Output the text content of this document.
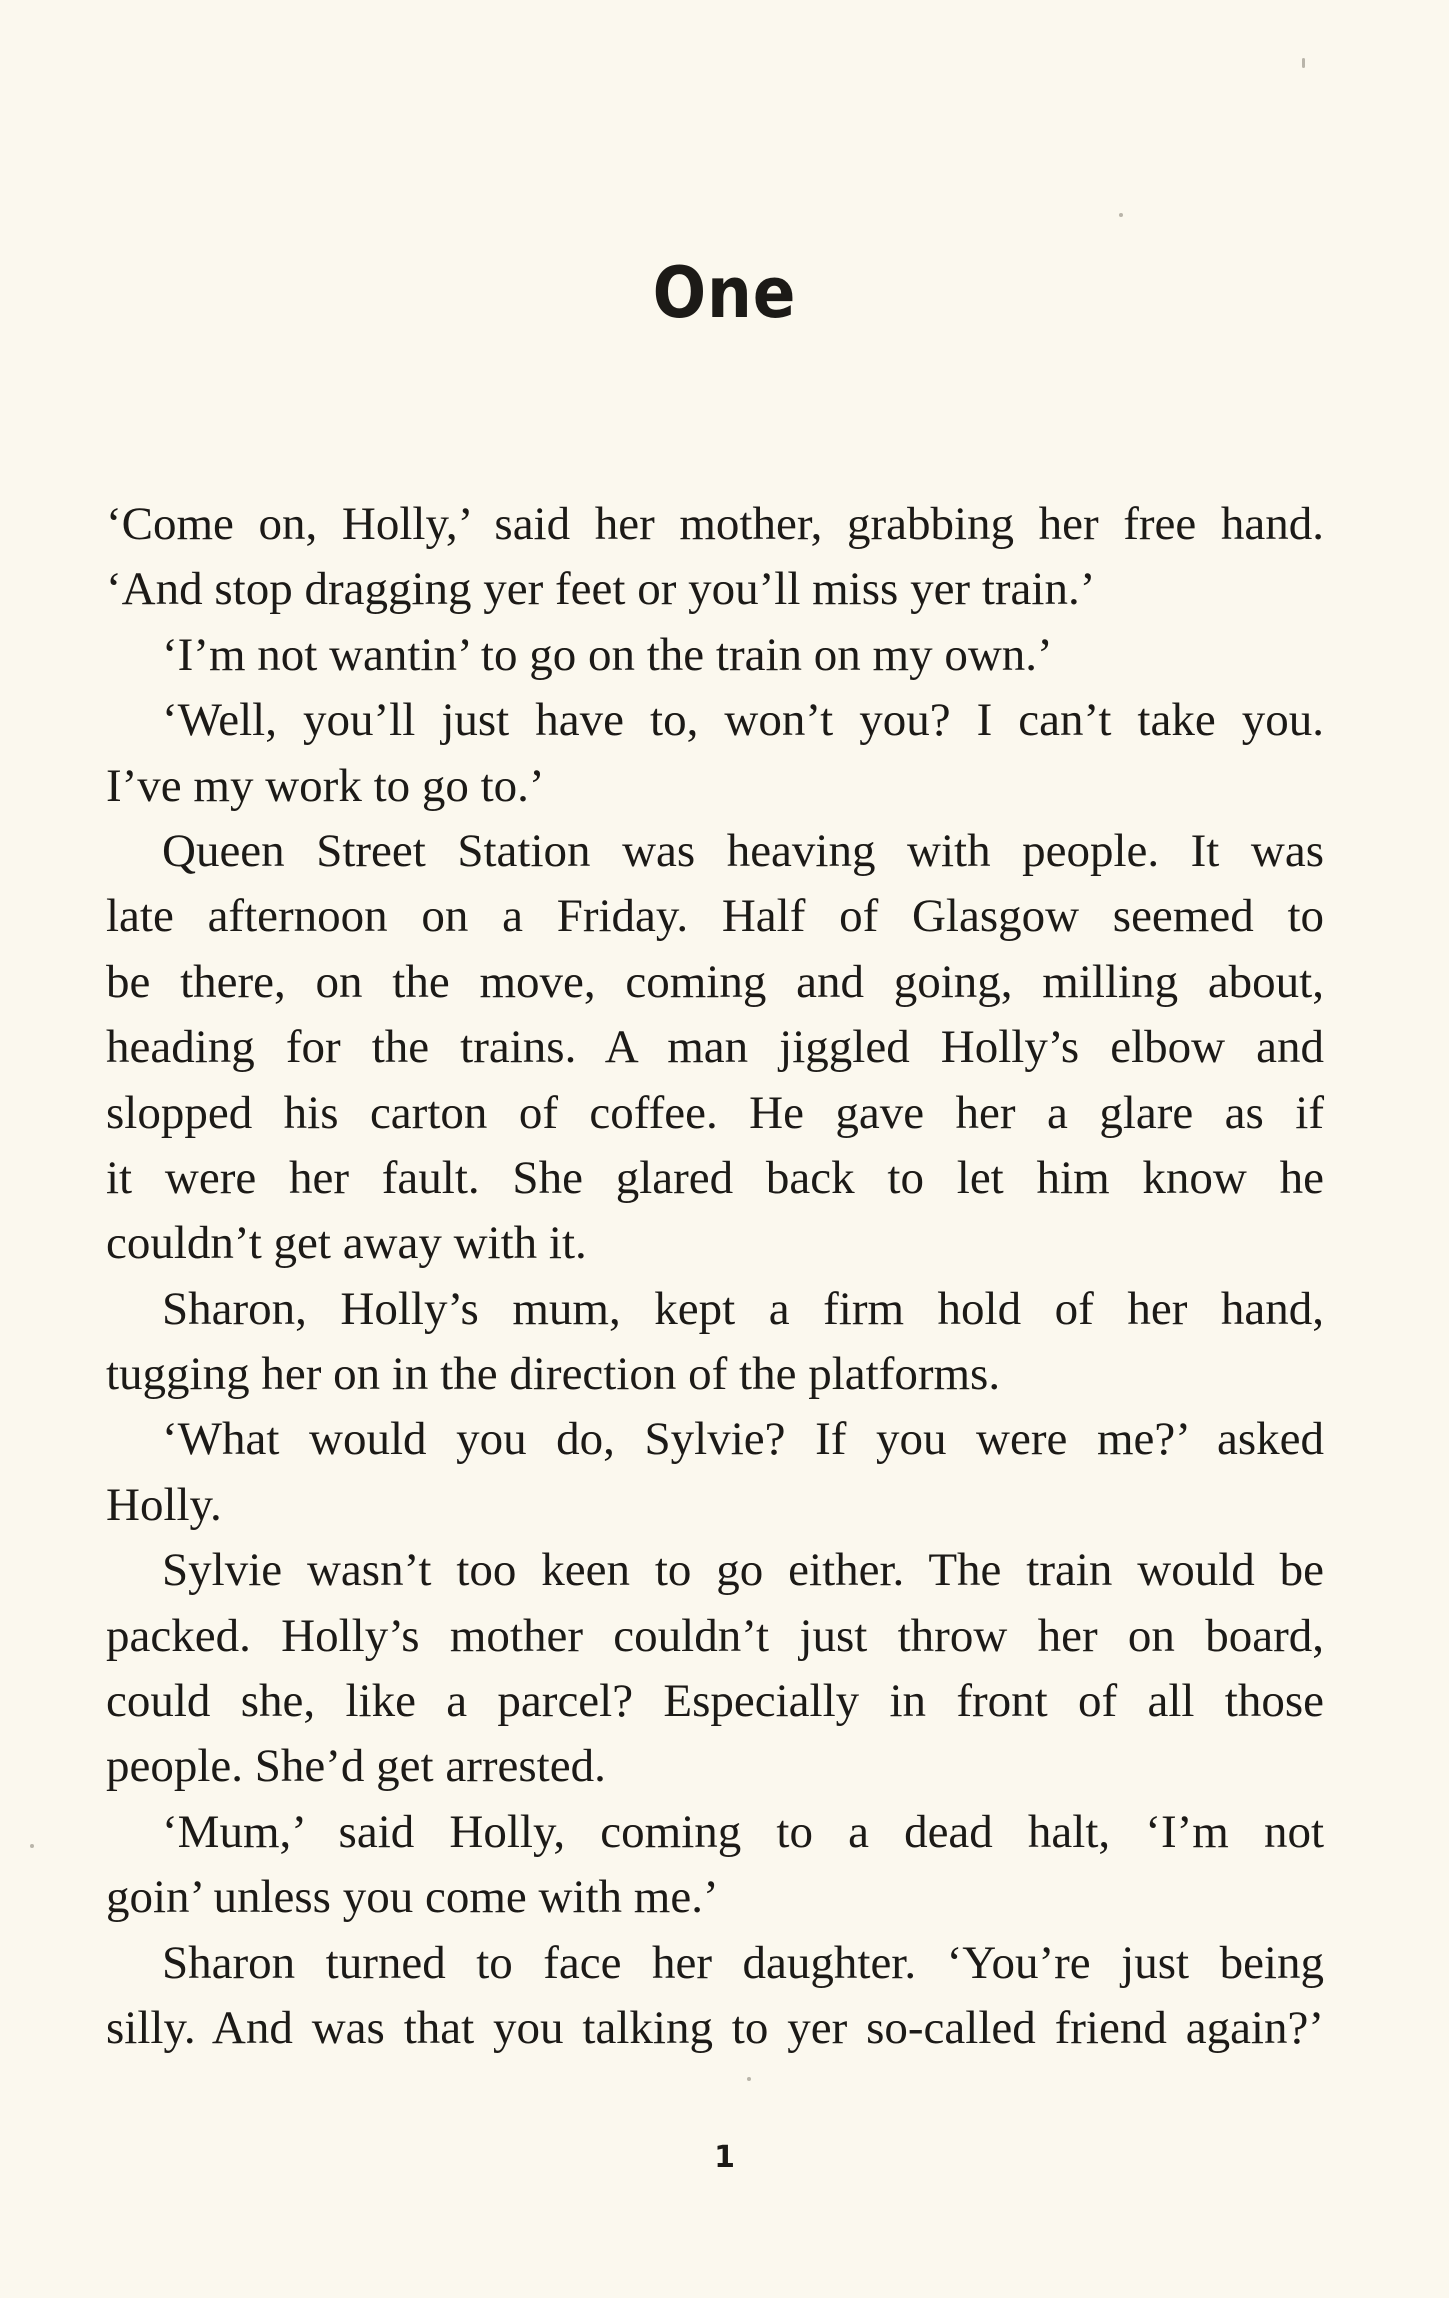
One
‘Come on, Holly,’ said her mother, grabbing her free hand.
‘And stop dragging yer feet or you’ll miss yer train.’
‘I’m not wantin’ to go on the train on my own.’
‘Well, you’ll just have to, won’t you? I can’t take you.
I’ve my work to go to.’
Queen Street Station was heaving with people. It was
late afternoon on a Friday. Half of Glasgow seemed to
be there, on the move, coming and going, milling about,
heading for the trains. A man jiggled Holly’s elbow and
slopped his carton of coffee. He gave her a glare as if
it were her fault. She glared back to let him know he
couldn’t get away with it.
Sharon, Holly’s mum, kept a firm hold of her hand,
tugging her on in the direction of the platforms.
‘What would you do, Sylvie? If you were me?’ asked
Holly.
Sylvie wasn’t too keen to go either. The train would be
packed. Holly’s mother couldn’t just throw her on board,
could she, like a parcel? Especially in front of all those
people. She’d get arrested.
‘Mum,’ said Holly, coming to a dead halt, ‘I’m not
goin’ unless you come with me.’
Sharon turned to face her daughter. ‘You’re just being
silly. And was that you talking to yer so-called friend again?’
1
